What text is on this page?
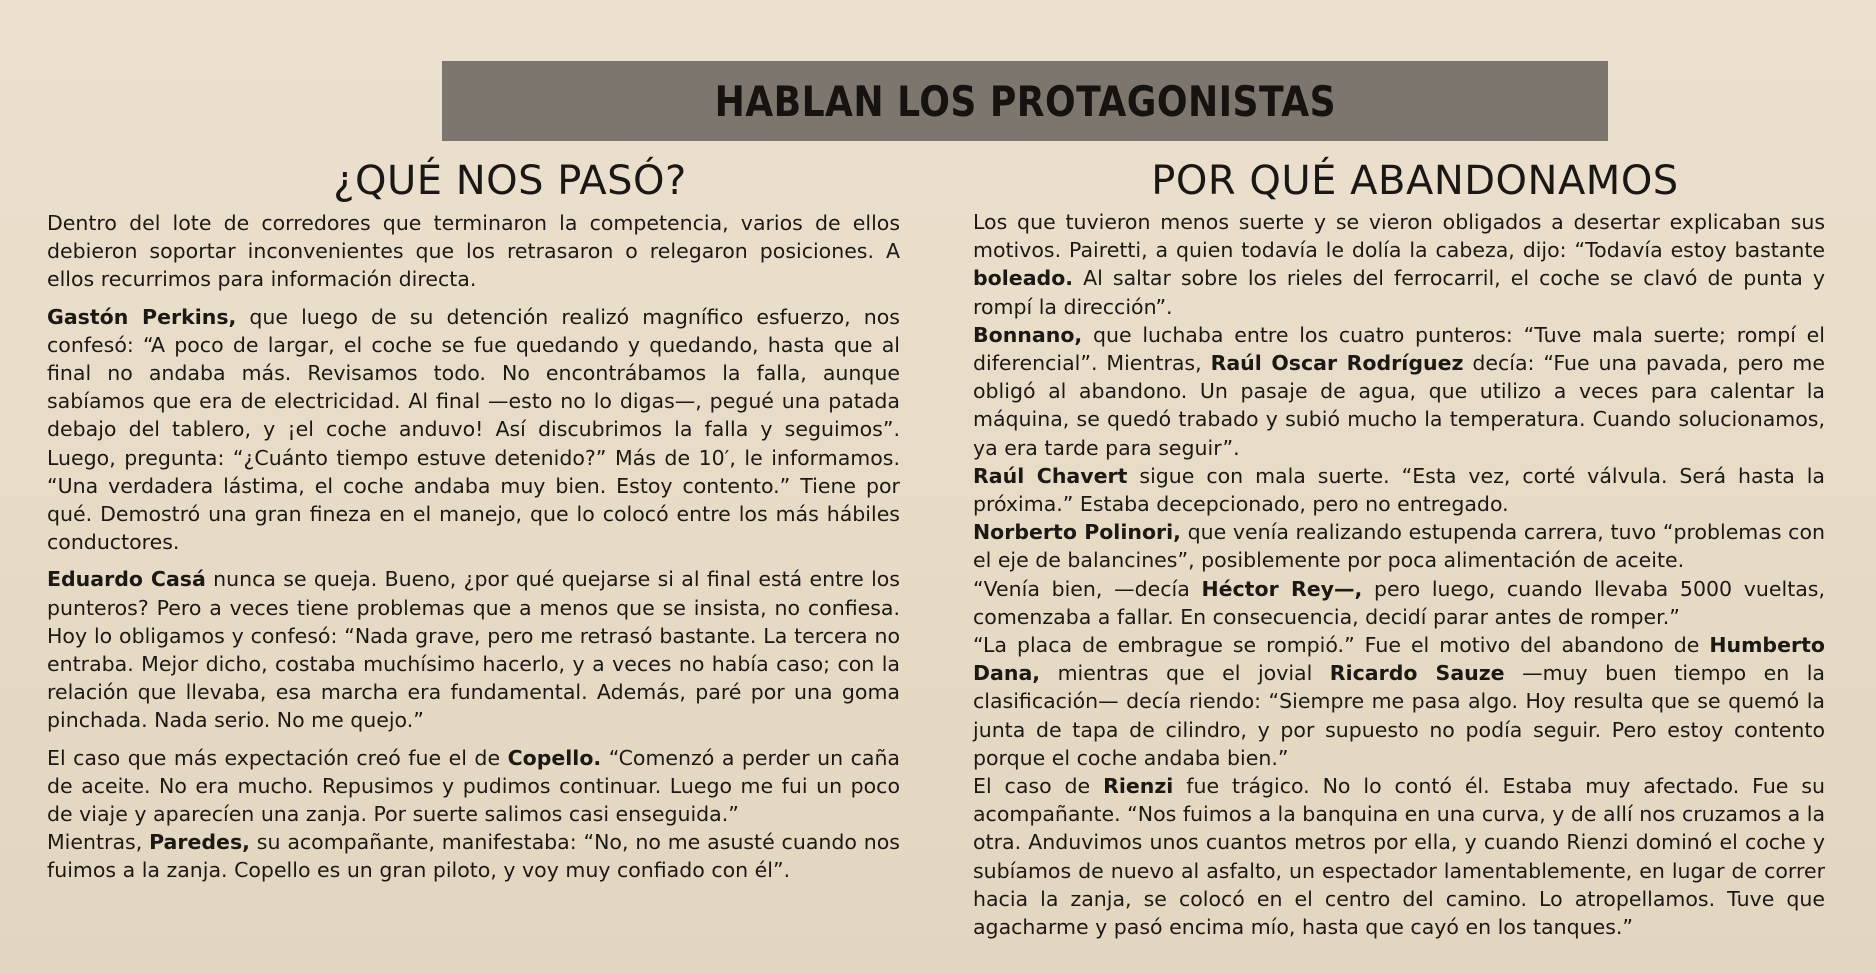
HABLAN LOS PROTAGONISTAS
¿QUÉ NOS PASÓ?	POR QUÉ ABANDONAMOS

Dentro del lote de corredores que terminaron la competencia, varios de ellos debieron soportar inconvenientes que los retrasaron o relegaron posiciones. A ellos recurrimos para información directa.

Gastón Perkins, que luego de su detención realizó magnífico esfuerzo, nos confesó: “A poco de largar, el coche se fue quedando y quedando, hasta que al final no andaba más. Revisamos todo. No encontrábamos la falla, aunque sabíamos que era de electricidad. Al final —esto no lo digas—, pegué una patada debajo del tablero, y ¡el coche anduvo! Así discubrimos la falla y seguimos”. Luego, pregunta: “¿Cuánto tiempo estuve detenido?” Más de 10′, le informamos. “Una verdadera lástima, el coche andaba muy bien. Estoy contento.” Tiene por qué. Demostró una gran fineza en el manejo, que lo colocó entre los más hábiles conductores.

Eduardo Casá nunca se queja. Bueno, ¿por qué quejarse si al final está entre los punteros? Pero a veces tiene problemas que a menos que se insista, no confiesa. Hoy lo obligamos y confesó: “Nada grave, pero me retrasó bastante. La tercera no entraba. Mejor dicho, costaba muchísimo hacerlo, y a veces no había caso; con la relación que llevaba, esa marcha era fundamental. Además, paré por una goma pinchada. Nada serio. No me quejo.”

El caso que más expectación creó fue el de Copello. “Comenzó a perder un caña de aceite. No era mucho. Repusimos y pudimos continuar. Luego me fui un poco de viaje y aparecíen una zanja. Por suerte salimos casi enseguida.”

Mientras, Paredes, su acompañante, manifestaba: “No, no me asusté cuando nos fuimos a la zanja. Copello es un gran piloto, y voy muy confiado con él”.

Los que tuvieron menos suerte y se vieron obligados a desertar explicaban sus motivos. Pairetti, a quien todavía le dolía la cabeza, dijo: “Todavía estoy bastante boleado. Al saltar sobre los rieles del ferrocarril, el coche se clavó de punta y rompí la dirección”.

Bonnano, que luchaba entre los cuatro punteros: “Tuve mala suerte; rompí el diferencial”. Mientras, Raúl Oscar Rodríguez decía: “Fue una pavada, pero me obligó al abandono. Un pasaje de agua, que utilizo a veces para calentar la máquina, se quedó trabado y subió mucho la temperatura. Cuando solucionamos, ya era tarde para seguir”.

Raúl Chavert sigue con mala suerte. “Esta vez, corté válvula. Será hasta la próxima.” Estaba decepcionado, pero no entregado.

Norberto Polinori, que venía realizando estupenda carrera, tuvo “problemas con el eje de balancines”, posiblemente por poca alimentación de aceite.

“Venía bien, —decía Héctor Rey—, pero luego, cuando llevaba 5000 vueltas, comenzaba a fallar. En consecuencia, decidí parar antes de romper.”

“La placa de embrague se rompió.” Fue el motivo del abandono de Humberto Dana, mientras que el jovial Ricardo Sauze —muy buen tiempo en la clasificación— decía riendo: “Siempre me pasa algo. Hoy resulta que se quemó la junta de tapa de cilindro, y por supuesto no podía seguir. Pero estoy contento porque el coche andaba bien.”

El caso de Rienzi fue trágico. No lo contó él. Estaba muy afectado. Fue su acompañante. “Nos fuimos a la banquina en una curva, y de allí nos cruzamos a la otra. Anduvimos unos cuantos metros por ella, y cuando Rienzi dominó el coche y subíamos de nuevo al asfalto, un espectador lamentablemente, en lugar de correr hacia la zanja, se colocó en el centro del camino. Lo atropellamos. Tuve que agacharme y pasó encima mío, hasta que cayó en los tanques.”
